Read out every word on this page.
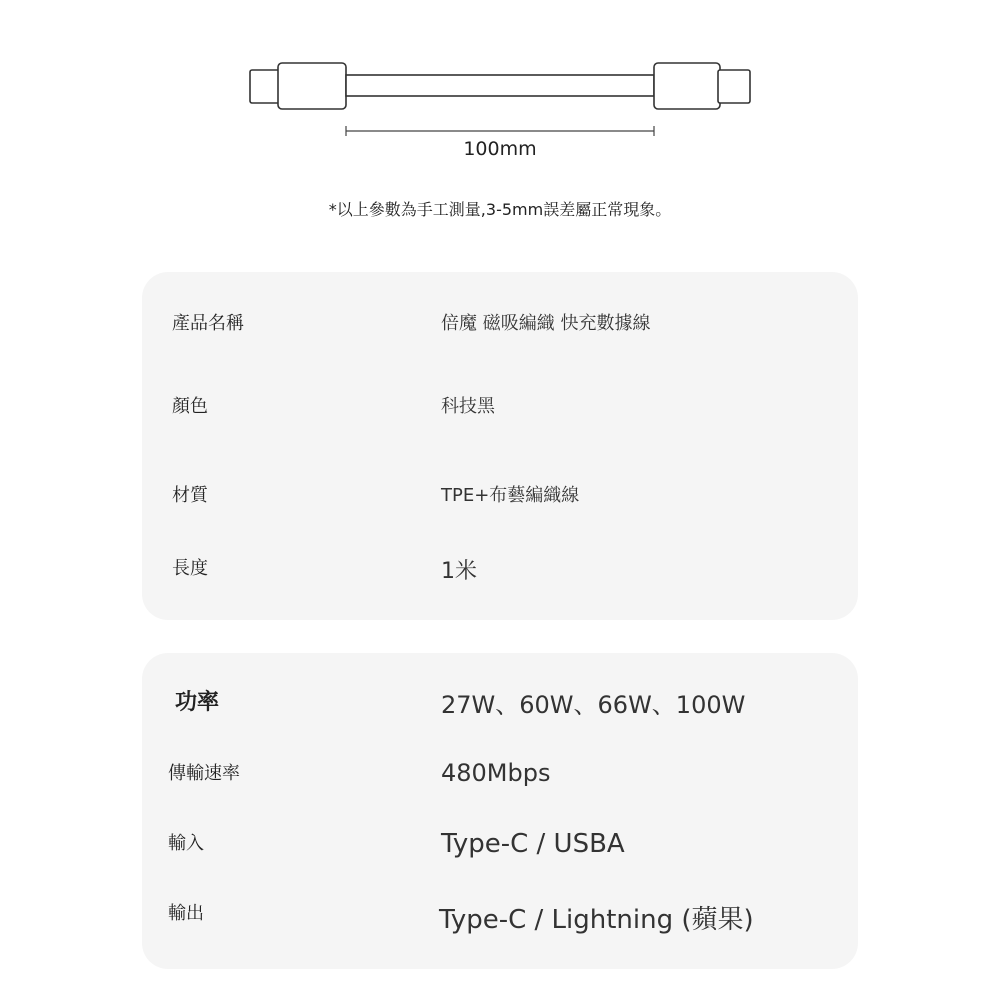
100mm
*以上參數為手工測量,3-5mm誤差屬正常現象。
產品名稱	倍魔 磁吸編織 快充數據線
顏色	科技黑
材質	TPE+布藝編織線
長度	1米
功率	27W、60W、66W、100W
傳輸速率	480Mbps
輸入	Type-C / USBA
輸出	Type-C / Lightning (蘋果)
